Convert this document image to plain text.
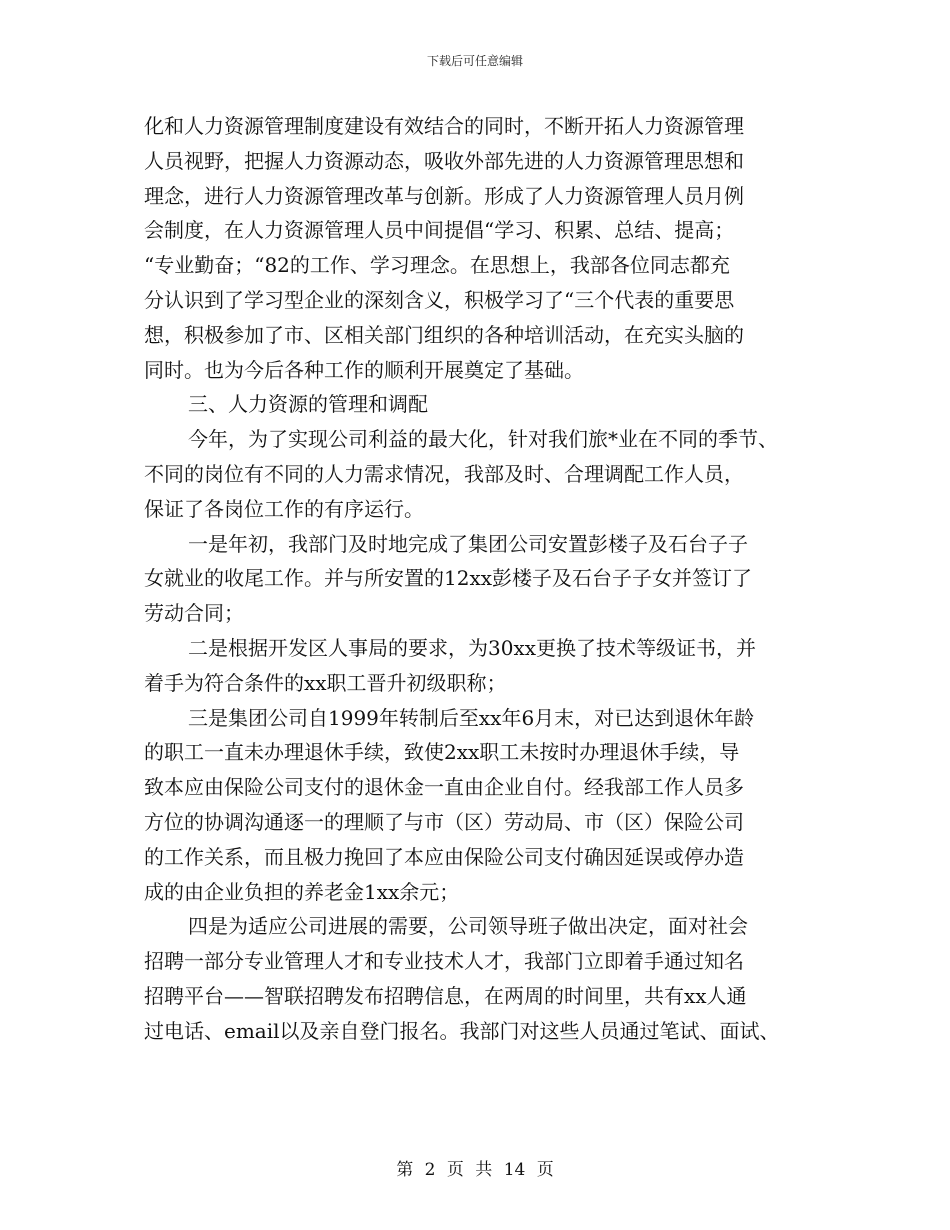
下载后可任意编辑
化和人力资源管理制度建设有效结合的同时，不断开拓人力资源管理
人员视野，把握人力资源动态，吸收外部先进的人力资源管理思想和
理念，进行人力资源管理改革与创新。形成了人力资源管理人员月例
会制度，在人力资源管理人员中间提倡“学习、积累、总结、提高；
“专业勤奋；“82的工作、学习理念。在思想上，我部各位同志都充
分认识到了学习型企业的深刻含义，积极学习了“三个代表的重要思
想，积极参加了市、区相关部门组织的各种培训活动，在充实头脑的
同时。也为今后各种工作的顺利开展奠定了基础。
三、人力资源的管理和调配
今年，为了实现公司利益的最大化，针对我们旅*业在不同的季节、
不同的岗位有不同的人力需求情况，我部及时、合理调配工作人员，
保证了各岗位工作的有序运行。
一是年初，我部门及时地完成了集团公司安置彭楼子及石台子子
女就业的收尾工作。并与所安置的12xx彭楼子及石台子子女并签订了
劳动合同；
二是根据开发区人事局的要求，为30xx更换了技术等级证书，并
着手为符合条件的xx职工晋升初级职称；
三是集团公司自1999年转制后至xx年6月末，对已达到退休年龄
的职工一直未办理退休手续，致使2xx职工未按时办理退休手续，导
致本应由保险公司支付的退休金一直由企业自付。经我部工作人员多
方位的协调沟通逐一的理顺了与市（区）劳动局、市（区）保险公司
的工作关系，而且极力挽回了本应由保险公司支付确因延误或停办造
成的由企业负担的养老金1xx余元；
四是为适应公司进展的需要，公司领导班子做出决定，面对社会
招聘一部分专业管理人才和专业技术人才，我部门立即着手通过知名
招聘平台——智联招聘发布招聘信息，在两周的时间里，共有xx人通
过电话、email以及亲自登门报名。我部门对这些人员通过笔试、面试、
第 2 页 共 14 页
